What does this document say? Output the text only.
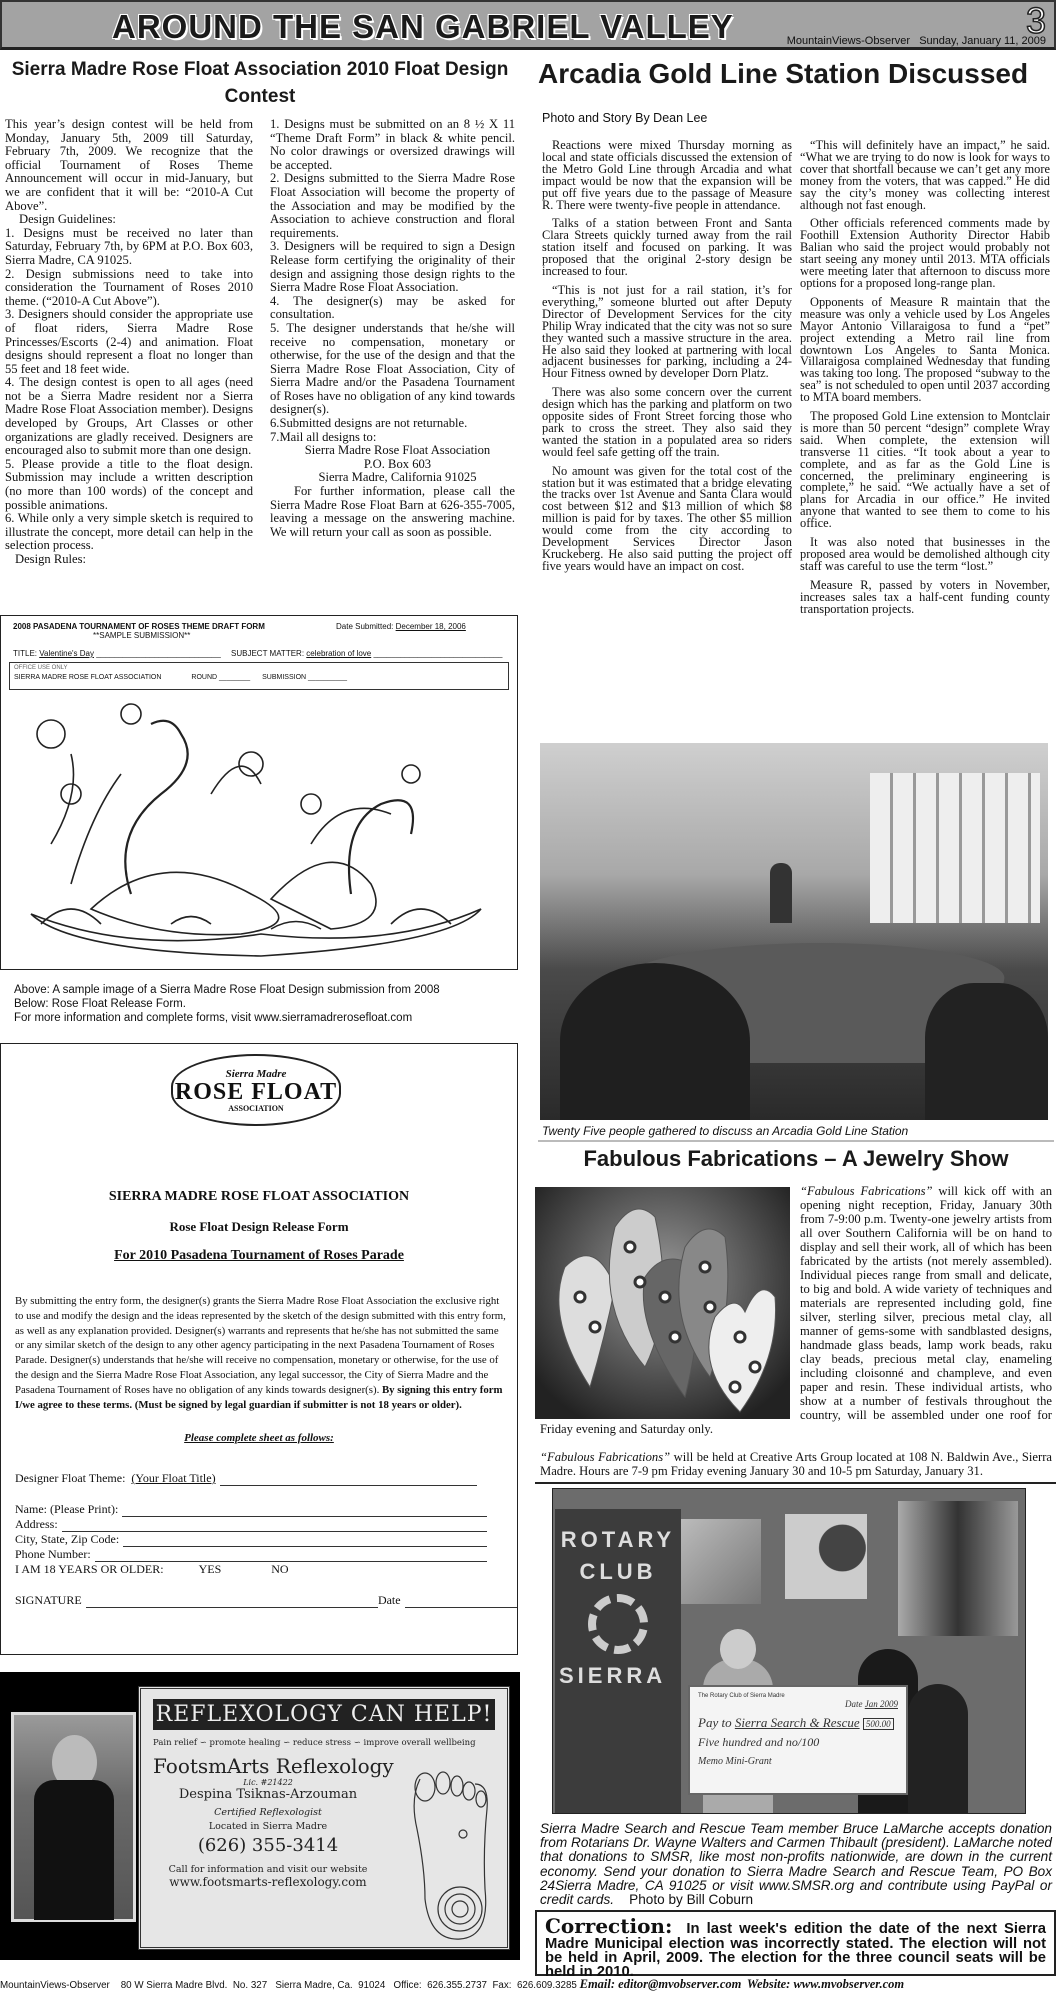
AROUND THE SAN GABRIEL VALLEY	3
MountainViews-Observer Sunday, January 11, 2009
Sierra Madre Rose Float Association 2010 Float Design Contest

This year’s design contest will be held from Monday, January 5th, 2009 till Saturday, February 7th, 2009. We recognize that the official Tournament of Roses Theme Announcement will occur in mid-January, but we are confident that it will be: “2010-A Cut Above”.

Design Guidelines:

1. Designs must be received no later than Saturday, February 7th, by 6PM at P.O. Box 603, Sierra Madre, CA 91025.

2. Design submissions need to take into consideration the Tournament of Roses 2010 theme. (“2010-A Cut Above”).

3. Designers should consider the appropriate use of float riders, Sierra Madre Rose Princesses/Escorts (2-4) and animation. Float designs should represent a float no longer than 55 feet and 18 feet wide.

4. The design contest is open to all ages (need not be a Sierra Madre resident nor a Sierra Madre Rose Float Association member). Designs developed by Groups, Art Classes or other organizations are gladly received. Designers are encouraged also to submit more than one design.

5. Please provide a title to the float design. Submission may include a written description (no more than 100 words) of the concept and possible animations.

6. While only a very simple sketch is required to illustrate the concept, more detail can help in the selection process.

Design Rules:

1. Designs must be submitted on an 8 ½ X 11 “Theme Draft Form” in black & white pencil. No color drawings or oversized drawings will be accepted.

2. Designs submitted to the Sierra Madre Rose Float Association will become the property of the Association and may be modified by the Association to achieve construction and floral requirements.

3. Designers will be required to sign a Design Release form certifying the originality of their design and assigning those design rights to the Sierra Madre Rose Float Association.

4. The designer(s) may be asked for consultation.

5. The designer understands that he/she will receive no compensation, monetary or otherwise, for the use of the design and that the Sierra Madre Rose Float Association, City of Sierra Madre and/or the Pasadena Tournament of Roses have no obligation of any kind towards designer(s).

6.Submitted designs are not returnable.

7.Mail all designs to:

Sierra Madre Rose Float Association
P.O. Box 603
Sierra Madre, California 91025

For further information, please call the Sierra Madre Rose Float Barn at 626-355-7005, leaving a message on the answering machine. We will return your call as soon as possible.

2008 PASADENA TOURNAMENT OF ROSES THEME DRAFT FORM
**SAMPLE SUBMISSION**
Date Submitted: December 18, 2006
TITLE: Valentine's Day ____________________________ SUBJECT MATTER: celebration of love _____________________________
OFFICE USE ONLY
SIERRA MADRE ROSE FLOAT ASSOCIATION	ROUND ________ SUBMISSION __________
Above: A sample image of a Sierra Madre Rose Float Design submission from 2008
Below: Rose Float Release Form.
For more information and complete forms, visit www.sierramadrerosefloat.com
Sierra Madre
ROSE FLOAT
ASSOCIATION
SIERRA MADRE ROSE FLOAT ASSOCIATION
Rose Float Design Release Form
For 2010 Pasadena Tournament of Roses Parade
By submitting the entry form, the designer(s) grants the Sierra Madre Rose Float Association the exclusive right to use and modify the design and the ideas represented by the sketch of the design submitted with this entry form, as well as any explanation provided. Designer(s) warrants and represents that he/she has not submitted the same or any similar sketch of the design to any other agency participating in the next Pasadena Tournament of Roses Parade. Designer(s) understands that he/she will receive no compensation, monetary or otherwise, for the use of the design and the Sierra Madre Rose Float Association, any legal successor, the City of Sierra Madre and the Pasadena Tournament of Roses have no obligation of any kinds towards designer(s). By signing this entry form I/we agree to these terms. (Must be signed by legal guardian if submitter is not 18 years or older).
Please complete sheet as follows:
Designer Float Theme:
(Your Float Title)
Name: (Please Print):
Address:
City, State, Zip Code:
Phone Number:
I AM 18 YEARS OR OLDER:	YES	NO
SIGNATURE	Date
REFLEXOLOGY CAN HELP!
Pain relief ∽ promote healing ∽ reduce stress ∽ improve overall wellbeing
FootsmArts Reflexology
Lic. #21422
Despina Tsiknas-Arzouman
Certified Reflexologist
Located in Sierra Madre
(626) 355-3414
Call for information and visit our website
www.footsmarts-reflexology.com
Arcadia Gold Line Station Discussed
Photo and Story By Dean Lee

Reactions were mixed Thursday morning as local and state officials discussed the extension of the Metro Gold Line through Arcadia and what impact would be now that the expansion will be put off five years due to the passage of Measure R. There were twenty-five people in attendance.

Talks of a station between Front and Santa Clara Streets quickly turned away from the rail station itself and focused on parking. It was proposed that the original 2-story design be increased to four.

“This is not just for a rail station, it’s for everything,” someone blurted out after Deputy Director of Development Services for the city Philip Wray indicated that the city was not so sure they wanted such a massive structure in the area. He also said they looked at partnering with local adjacent businesses for parking, including a 24-Hour Fitness owned by developer Dorn Platz.

There was also some concern over the current design which has the parking and platform on two opposite sides of Front Street forcing those who park to cross the street. They also said they wanted the station in a populated area so riders would feel safe getting off the train.

No amount was given for the total cost of the station but it was estimated that a bridge elevating the tracks over 1st Avenue and Santa Clara would cost between $12 and $13 million of which $8 million is paid for by taxes. The other $5 million would come from the city according to Development Services Director Jason Kruckeberg. He also said putting the project off five years would have an impact on cost.

“This will definitely have an impact,” he said. “What we are trying to do now is look for ways to cover that shortfall because we can’t get any more money from the voters, that was capped.” He did say the city’s money was collecting interest although not fast enough.

Other officials referenced comments made by Foothill Extension Authority Director Habib Balian who said the project would probably not start seeing any money until 2013. MTA officials were meeting later that afternoon to discuss more options for a proposed long-range plan.

Opponents of Measure R maintain that the measure was only a vehicle used by Los Angeles Mayor Antonio Villaraigosa to fund a “pet” project extending a Metro rail line from downtown Los Angeles to Santa Monica. Villaraigosa complained Wednesday that funding was taking too long. The proposed “subway to the sea” is not scheduled to open until 2037 according to MTA board members.

The proposed Gold Line extension to Montclair is more than 50 percent “design” complete Wray said. When complete, the extension will transverse 11 cities. “It took about a year to complete, and as far as the Gold Line is concerned, the preliminary engineering is complete,” he said. “We actually have a set of plans for Arcadia in our office.” He invited anyone that wanted to see them to come to his office.

It was also noted that businesses in the proposed area would be demolished although city staff was careful to use the term “lost.”

Measure R, passed by voters in November, increases sales tax a half-cent funding county transportation projects.

Twenty Five people gathered to discuss an Arcadia Gold Line Station
Fabulous Fabrications – A Jewelry Show

“Fabulous Fabrications” will kick off with an opening night reception, Friday, January 30th from 7-9:00 p.m. Twenty-one jewelry artists from all over Southern California will be on hand to display and sell their work, all of which has been fabricated by the artists (not merely assembled). Individual pieces range from small and delicate, to big and bold. A wide variety of techniques and materials are represented including gold, fine silver, sterling silver, precious metal clay, all manner of gems-some with sandblasted designs, handmade glass beads, lamp work beads, raku clay beads, precious metal clay, enameling including cloisonné and champleve, and even paper and resin. These individual artists, who show at a number of festivals throughout the country, will be assembled under one roof for Friday evening and Saturday only.

“Fabulous Fabrications” will be held at Creative Arts Group located at 108 N. Baldwin Ave., Sierra Madre. Hours are 7-9 pm Friday evening January 30 and 10-5 pm Saturday, January 31.

ROTARY
CLUB
SIERRA
The Rotary Club of Sierra Madre
Date Jan 2009
Pay to Sierra Search & Rescue 500.00
Five hundred and no/100
Memo Mini-Grant
Sierra Madre Search and Rescue Team member Bruce LaMarche accepts donation from Rotarians Dr. Wayne Walters and Carmen Thibault (president). LaMarche noted that donations to SMSR, like most non-profits nationwide, are down in the current economy. Send your donation to Sierra Madre Search and Rescue Team, PO Box 24Sierra Madre, CA 91025 or visit www.SMSR.org and contribute using PayPal or credit cards. Photo by Bill Coburn
Correction: In last week's edition the date of the next Sierra Madre Municipal election was incorrectly stated. The election will not be held in April, 2009. The election for the three council seats will be held in 2010.
MountainViews-Observer    80 W Sierra Madre Blvd.  No. 327   Sierra Madre, Ca.  91024   Office:  626.355.2737  Fax:  626.609.3285 Email: editor@mvobserver.com Website: www.mvobserver.com
